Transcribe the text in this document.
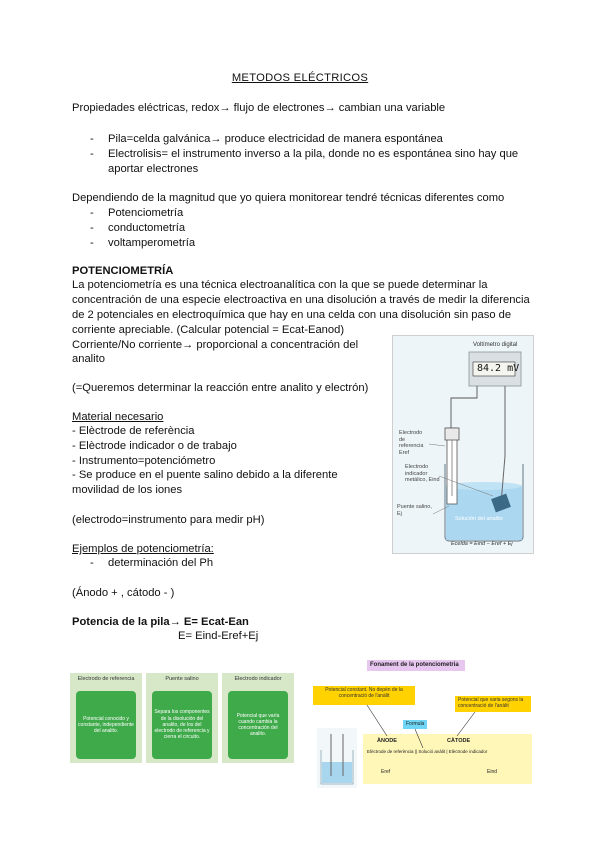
METODOS ELÉCTRICOS
Propiedades eléctricas, redox→ flujo de electrones→ cambian una variable
- Pila=celda galvánica→ produce electricidad de manera espontánea
- Electrolisis= el instrumento inverso a la pila, donde no es espontánea sino hay que
aportar electrones
Dependiendo de la magnitud que yo quiera monitorear tendré técnicas diferentes como
- Potenciometría
- conductometría
- voltamperometría
POTENCIOMETRÍA
La potenciometría es una técnica electroanalítica con la que se puede determinar la
concentración de una especie electroactiva en una disolución a través de medir la diferencia
de 2 potenciales en electroquímica que hay en una celda con una disolución sin paso de
corriente apreciable. (Calcular potencial = Ecat-Eanod)
Corriente/No corriente→ proporcional a concentración del
analito
(=Queremos determinar la reacción entre analito y electrón)
Material necesario
- Elèctrode de referència
- Elèctrode indicador o de trabajo
- Instrumento=potenciómetro
- Se produce en el puente salino debido a la diferente
movilidad de los iones
(electrodo=instrumento para medir pH)
Ejemplos de potenciometría:
- determinación del Ph
(Ánodo + , cátodo - )
Potencia de la pila→ E= Ecat-Ean
E= Eind-Eref+Ej
Voltímetro digital
84.2 mV
Electrodo
de
referencia
Eref
Electrodo
indicador
metálico, Eind
Puente salino,
Ej
Solución del analito
Ecelda = Eind − Eref + Ej
Electrodo de referencia
Potencial conocido y constante, independiente del analito.
Puente salino
Separa los componentes de la disolución del analito, de los del electrodo de referencia y cierra el circuito.
Electrodo indicador
Potencial que varía cuando cambia la concentración del analito.
Fonament de la potenciometria
Potencial constant. No depèn de la concentració de l'anàlit
Potencial que varia segons la concentració de l'anàlit
Formula
ÀNODE	CÀTODE
Elèctrode de referència || Solució anàlit | Elèctrode indicador
Eref	Eind
